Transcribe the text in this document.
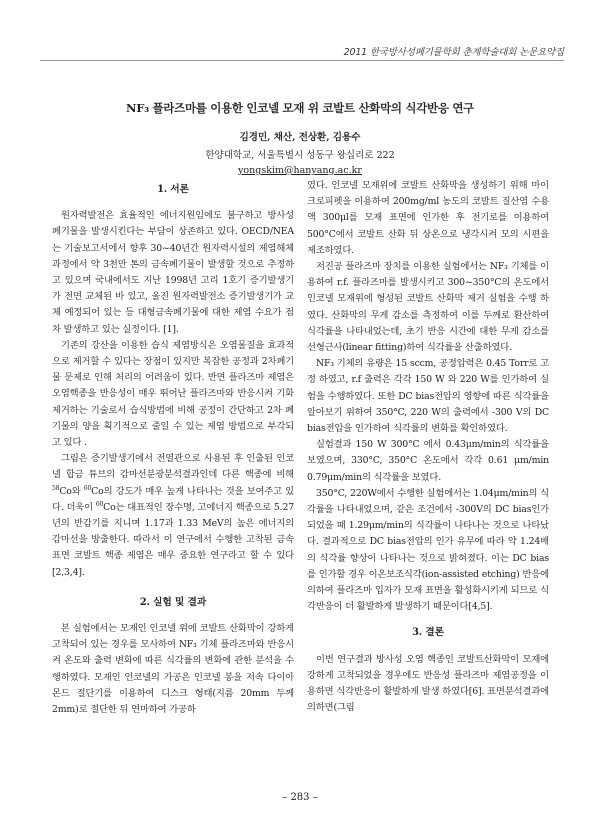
2011 한국방사성폐기물학회 춘계학술대회 논문요약집
NF₃ 플라즈마를 이용한 인코넬 모재 위 코발트 산화막의 식각반응 연구
김경민, 채산, 전상환, 김용수
한양대학교, 서울특별시 성동구 왕십리로 222
yongskim@hanyang.ac.kr

1. 서론

원자력발전은 효율적인 에너지원임에도 불구하고 방사성 폐기물을 발생시킨다는 부담이 상존하고 있다. OECD/NEA는 기술보고서에서 향후 30~40년간 원자력시설의 제염해체과정에서 약 3천만 톤의 금속폐기물이 발생할 것으로 추정하고 있으며 국내에서도 지난 1998년 고리 1호기 증기발생기가 전면 교체된 바 있고, 울진 원자력발전소 증기발생기가 교체 예정되어 있는 등 대형금속폐기물에 대한 제염 수요가 점차 발생하고 있는 실정이다. [1].

기존의 강산을 이용한 습식 제염방식은 오염물질을 효과적으로 제거할 수 있다는 장점이 있지만 복잡한 공정과 2차폐기물 문제로 인해 처리의 어려움이 있다. 반면 플라즈마 제염은 오염핵종을 반응성이 매우 뛰어난 플라즈마와 반응시켜 기화 제거하는 기술로서 습식방법에 비해 공정이 간단하고 2차 폐기물의 양을 획기적으로 줄일 수 있는 제염 방법으로 부각되고 있다 .

그림은 증기발생기에서 전열관으로 사용된 후 인출된 인코넬 합금 튜브의 감마선분광분석결과인데 다른 핵종에 비해 $^{58}$Co와 $^{60}$Co의 강도가 매우 높게 나타나는 것을 보여주고 있다. 더욱이 $^{60}$Co는 대표적인 장수명, 고에너지 핵종으로 5.27년의 반감기를 지니며 1.17과 1.33 MeV의 높은 에너지의 감마선을 방출한다. 따라서 이 연구에서 수행한 고착된 금속 표면 코발트 핵종 제염은 매우 중요한 연구라고 할 수 있다[2,3,4].

2. 실험 및 결과

본 실험에서는 모재인 인코넬 위에 코발트 산화막이 강하게 고착되어 있는 경우를 모사하여 NF₃ 기체 플라즈마와 반응시켜 온도와 출력 변화에 따른 식각률의 변화에 관한 분석을 수행하였다. 모재인 인코넬의 가공은 인코넬 봉을 저속 다이아몬드 절단기를 이용하여 디스크 형태(지름 20mm 두께 2mm)로 절단한 뒤 연마하여 가공하

였다. 인코넬 모재위에 코발트 산화막을 생성하기 위해 마이크로피펫을 이용하여 200mg/ml 농도의 코발트 질산염 수용액 300μl를 모재 표면에 인가한 후 전기로를 이용하여 500°C에서 코발트 산화 뒤 상온으로 냉각시켜 모의 시편을 제조하였다.

저진공 플라즈마 장치를 이용한 실험에서는 NF₃ 기체를 이용하여 r.f. 플라즈마를 발생시키고 300~350°C의 온도에서 인코넬 모재위에 형성된 코발트 산화막 제거 실험을 수행 하였다. 산화막의 무게 감소를 측정하여 이를 두께로 환산하여 식각률을 나타내었는데, 초기 반응 시간에 대한 무게 감소를 선형근사(linear fitting)하여 식각률을 산출하였다.

NF₃ 기체의 유량은 15 sccm, 공정압력은 0.45 Torr로 고정 하였고, r.f 출력은 각각 150 W 와 220 W를 인가하여 실험을 수행하였다. 또한 DC bias전압의 영향에 따른 식각률을 알아보기 위하여 350°C, 220 W의 출력에서 -300 V의 DC bias전압을 인가하여 식각률의 변화를 확인하였다.

실험결과 150 W 300°C 에서 0.43μm/min의 식각률을 보였으며, 330°C, 350°C 온도에서 각각 0.61 μm/min 0.79μm/min의 식각률을 보였다.

350°C, 220W에서 수행한 실험에서는 1.04μm/min의 식각률을 나타내었으며, 같은 조건에서 -300V의 DC bias인가 되었을 때 1.29μm/min의 식각률이 나타나는 것으로 나타났다. 결과적으로 DC bias전압의 인가 유무에 따라 약 1.24배의 식각률 향상이 나타나는 것으로 밝혀졌다. 이는 DC bias를 인가할 경우 이온보조식각(ion-assisted etching) 반응에 의하여 플라즈마 입자가 모재 표면을 활성화시키게 되므로 식각반응이 더 활발하게 발생하기 때문이다[4,5].

3. 결론

이번 연구결과 방사성 오염 핵종인 코발트산화막이 모재에 강하게 고착되었을 경우에도 반응성 플라즈마 제염공정을 이용하면 식각반응이 활발하게 발생 하였다[6]. 표면분석결과에 의하면(그림

– 283 –
